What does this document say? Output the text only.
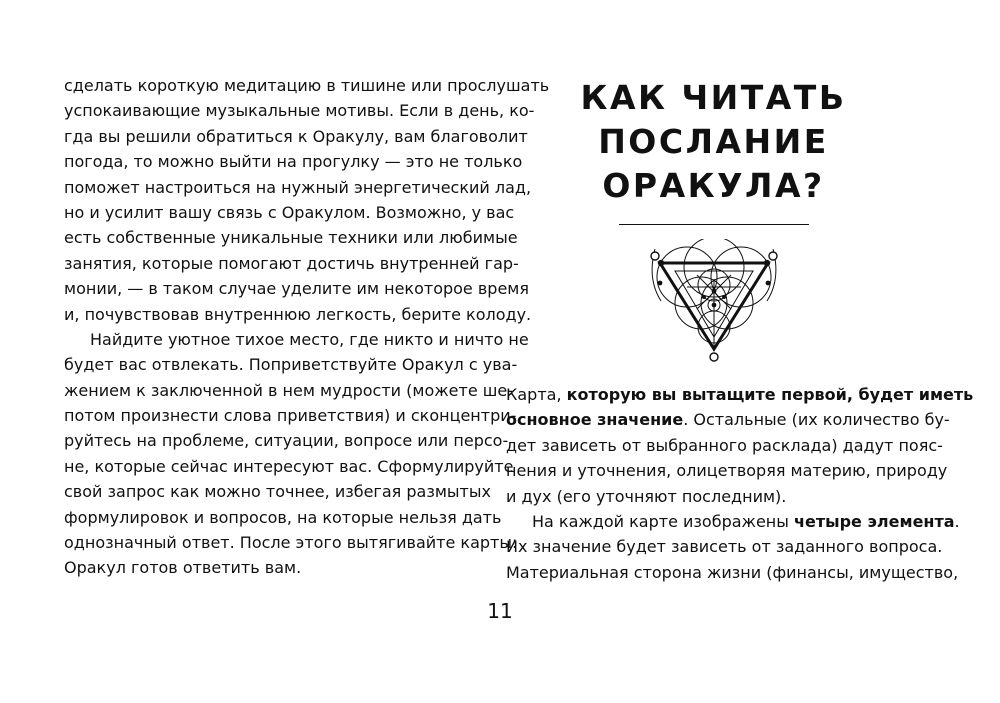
сделать короткую медитацию в тишине или прослушать
успокаивающие музыкальные мотивы. Если в день, ко-
гда вы решили обратиться к Оракулу, вам благоволит
погода, то можно выйти на прогулку — это не только
поможет настроиться на нужный энергетический лад,
но и усилит вашу связь с Оракулом. Возможно, у вас
есть собственные уникальные техники или любимые
занятия, которые помогают достичь внутренней гар-
монии, — в таком случае уделите им некоторое время
и, почувствовав внутреннюю легкость, берите колоду.
Найдите уютное тихое место, где никто и ничто не
будет вас отвлекать. Поприветствуйте Оракул с ува-
жением к заключенной в нем мудрости (можете ше-
потом произнести слова приветствия) и сконцентри-
руйтесь на проблеме, ситуации, вопросе или персо-
не, которые сейчас интересуют вас. Сформулируйте
свой запрос как можно точнее, избегая размытых
формулировок и вопросов, на которые нельзя дать
однозначный ответ. После этого вытягивайте карты:
Оракул готов ответить вам.
КАК ЧИТАТЬ
ПОСЛАНИЕ
ОРАКУЛА?
Карта, которую вы вытащите первой, будет иметь
основное значение. Остальные (их количество бу-
дет зависеть от выбранного расклада) дадут пояс-
нения и уточнения, олицетворяя материю, природу
и дух (его уточняют последним).
На каждой карте изображены четыре элемента.
Их значение будет зависеть от заданного вопроса.
Материальная сторона жизни (финансы, имущество,
11
